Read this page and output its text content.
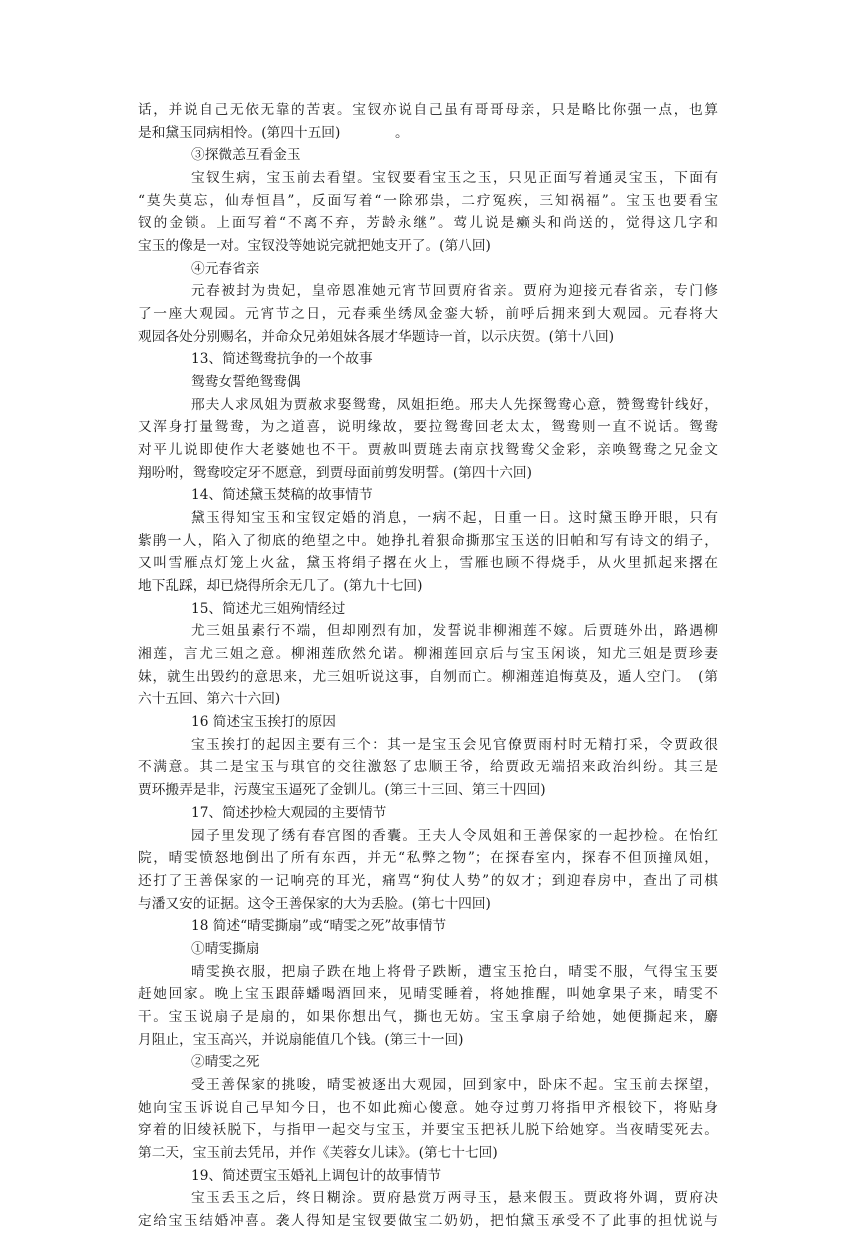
话，并说自己无依无靠的苦衷。宝钗亦说自己虽有哥哥母亲，只是略比你强一点，也算
是和黛玉同病相怜。(第四十五回)　　　　。
③探微恙互看金玉
宝钗生病，宝玉前去看望。宝钗要看宝玉之玉，只见正面写着通灵宝玉，下面有
“莫失莫忘，仙寿恒昌”，反面写着“一除邪祟，二疗冤疾，三知祸福”。宝玉也要看宝
钗的金锁。上面写着“不离不弃，芳龄永继”。莺儿说是癞头和尚送的，觉得这几字和
宝玉的像是一对。宝钗没等她说完就把她支开了。(第八回)
④元春省亲
元春被封为贵妃，皇帝恩准她元宵节回贾府省亲。贾府为迎接元春省亲，专门修
了一座大观园。元宵节之日，元春乘坐绣凤金銮大轿，前呼后拥来到大观园。元春将大
观园各处分别赐名，并命众兄弟姐妹各展才华题诗一首，以示庆贺。(第十八回)
13、简述鸳鸯抗争的一个故事
鸳鸯女誓绝鸳鸯偶
邢夫人求凤姐为贾赦求娶鸳鸯，凤姐拒绝。邢夫人先探鸳鸯心意，赞鸳鸯针线好，
又浑身打量鸳鸯，为之道喜，说明缘故，要拉鸳鸯回老太太，鸳鸯则一直不说话。鸳鸯
对平儿说即使作大老婆她也不干。贾赦叫贾琏去南京找鸳鸯父金彩，亲唤鸳鸯之兄金文
翔吩咐，鸳鸯咬定牙不愿意，到贾母面前剪发明誓。(第四十六回)
14、简述黛玉焚稿的故事情节
黛玉得知宝玉和宝钗定婚的消息，一病不起，日重一日。这时黛玉睁开眼，只有
紫鹃一人，陷入了彻底的绝望之中。她挣扎着狠命撕那宝玉送的旧帕和写有诗文的绢子，
又叫雪雁点灯笼上火盆，黛玉将绢子撂在火上，雪雁也顾不得烧手，从火里抓起来撂在
地下乱踩，却已烧得所余无几了。(第九十七回)
15、简述尤三姐殉情经过
尤三姐虽素行不端，但却刚烈有加，发誓说非柳湘莲不嫁。后贾琏外出，路遇柳
湘莲，言尤三姐之意。柳湘莲欣然允诺。柳湘莲回京后与宝玉闲谈，知尤三姐是贾珍妻
妹，就生出毁约的意思来，尤三姐听说这事，自刎而亡。柳湘莲追悔莫及，遁人空门。　(第
六十五回、第六十六回)
16 简述宝玉挨打的原因
宝玉挨打的起因主要有三个：其一是宝玉会见官僚贾雨村时无精打采，令贾政很
不满意。其二是宝玉与琪官的交往激怒了忠顺王爷，给贾政无端招来政治纠纷。其三是
贾环搬弄是非，污蔑宝玉逼死了金钏儿。(第三十三回、第三十四回)
17、简述抄检大观园的主要情节
园子里发现了绣有春宫图的香囊。王夫人令凤姐和王善保家的一起抄检。在怡红
院，晴雯愤怒地倒出了所有东西，并无“私弊之物”；在探春室内，探春不但顶撞凤姐，
还打了王善保家的一记响亮的耳光，痛骂“狗仗人势”的奴才；到迎春房中，查出了司棋
与潘又安的证据。这令王善保家的大为丢脸。(第七十四回)
18 简述“晴雯撕扇”或“晴雯之死”故事情节
①晴雯撕扇
晴雯换衣服，把扇子跌在地上将骨子跌断，遭宝玉抢白，晴雯不服，气得宝玉要
赶她回家。晚上宝玉跟薛蟠喝酒回来，见晴雯睡着，将她推醒，叫她拿果子来，晴雯不
干。宝玉说扇子是扇的，如果你想出气，撕也无妨。宝玉拿扇子给她，她便撕起来，麝
月阻止，宝玉高兴，并说扇能值几个钱。(第三十一回)
②晴雯之死
受王善保家的挑唆，晴雯被逐出大观园，回到家中，卧床不起。宝玉前去探望，
她向宝玉诉说自己早知今日，也不如此痴心傻意。她夺过剪刀将指甲齐根铰下，将贴身
穿着的旧绫袄脱下，与指甲一起交与宝玉，并要宝玉把袄儿脱下给她穿。当夜晴雯死去。
第二天，宝玉前去凭吊，并作《芙蓉女儿诔》。(第七十七回)
19、简述贾宝玉婚礼上调包计的故事情节
宝玉丢玉之后，终日糊涂。贾府悬赏万两寻玉，悬来假玉。贾政将外调，贾府决
定给宝玉结婚冲喜。袭人得知是宝钗要做宝二奶奶，把怕黛玉承受不了此事的担忧说与
